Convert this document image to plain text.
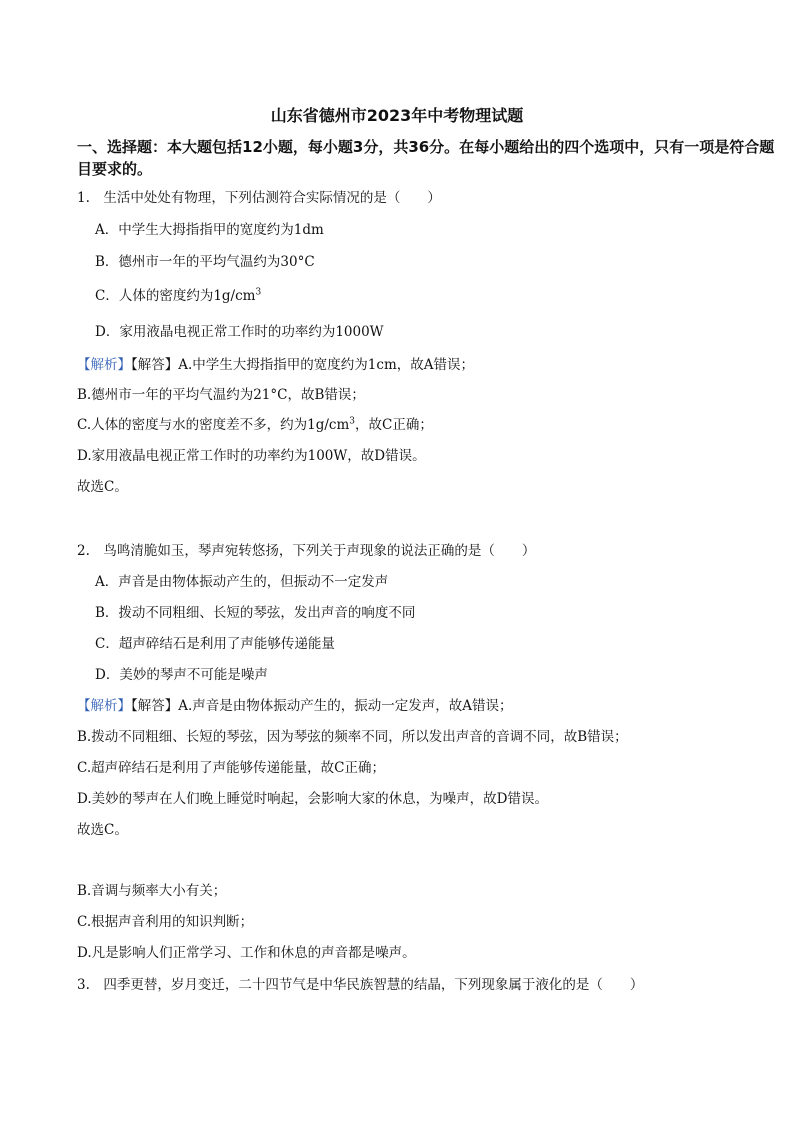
山东省德州市2023年中考物理试题
一、选择题：本大题包括12小题，每小题3分，共36分。在每小题给出的四个选项中，只有一项是符合题目要求的。
1.　生活中处处有物理，下列估测符合实际情况的是（　　）
A．中学生大拇指指甲的宽度约为1dm
B．德州市一年的平均气温约为30°C
C．人体的密度约为$1g/cm^3$
D．家用液晶电视正常工作时的功率约为1000W
【解析】【解答】A.中学生大拇指指甲的宽度约为1cm，故A错误；
B.德州市一年的平均气温约为21°C，故B错误；
C.人体的密度与水的密度差不多，约为$1g/cm^3$，故C正确；
D.家用液晶电视正常工作时的功率约为100W，故D错误。
故选C。
2.　鸟鸣清脆如玉，琴声宛转悠扬，下列关于声现象的说法正确的是（　　）
A．声音是由物体振动产生的，但振动不一定发声
B．拨动不同粗细、长短的琴弦，发出声音的响度不同
C．超声碎结石是利用了声能够传递能量
D．美妙的琴声不可能是噪声
【解析】【解答】A.声音是由物体振动产生的，振动一定发声，故A错误；
B.拨动不同粗细、长短的琴弦，因为琴弦的频率不同，所以发出声音的音调不同，故B错误；
C.超声碎结石是利用了声能够传递能量，故C正确；
D.美妙的琴声在人们晚上睡觉时响起，会影响大家的休息，为噪声，故D错误。
故选C。
B.音调与频率大小有关；
C.根据声音利用的知识判断；
D.凡是影响人们正常学习、工作和休息的声音都是噪声。
3.　四季更替，岁月变迁，二十四节气是中华民族智慧的结晶，下列现象属于液化的是（　　）
